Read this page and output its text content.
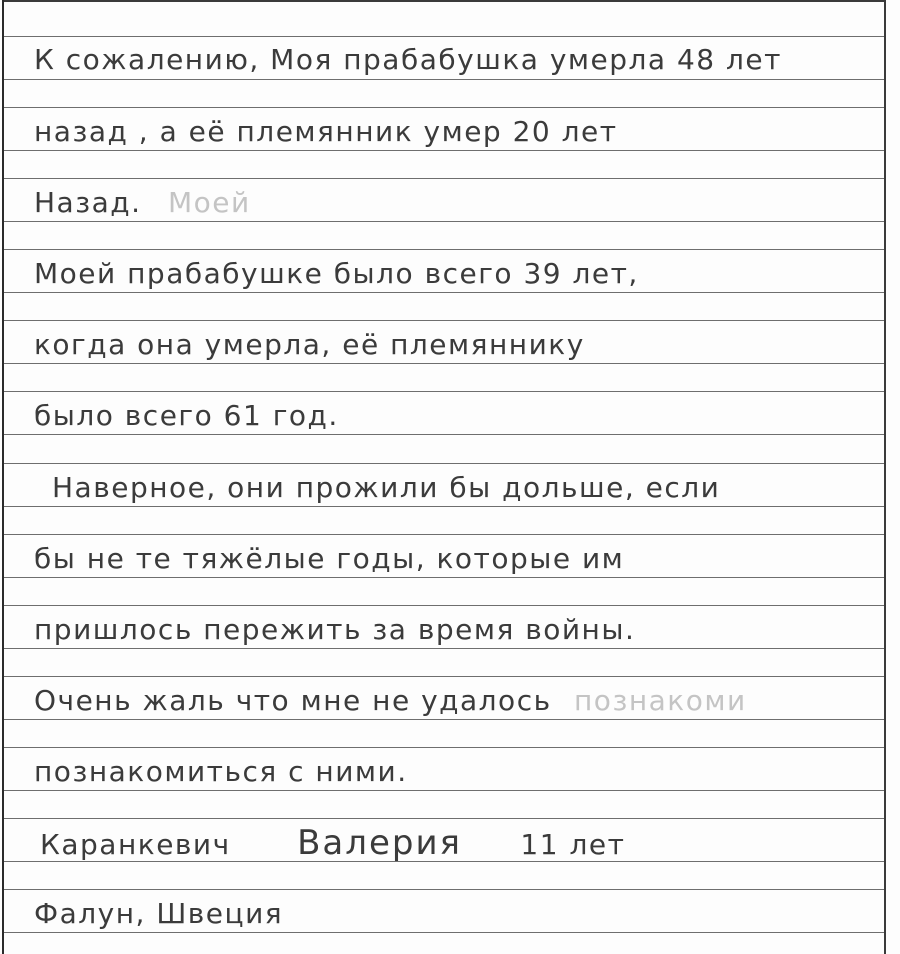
К сожалению, Моя прабабушка умерла 48 лет
назад , а её племянник умер 20 лет
Назад. Моей
Моей прабабушке было всего 39 лет,
когда она умерла, её племяннику
было всего 61 год.
Наверное, они прожили бы дольше, если
бы не те тяжёлые годы, которые им
пришлось пережить за время войны.
Очень жаль что мне не удалось познакоми
познакомиться с ними.
Каранкевич Валерия 11 лет
Фалун, Швеция
